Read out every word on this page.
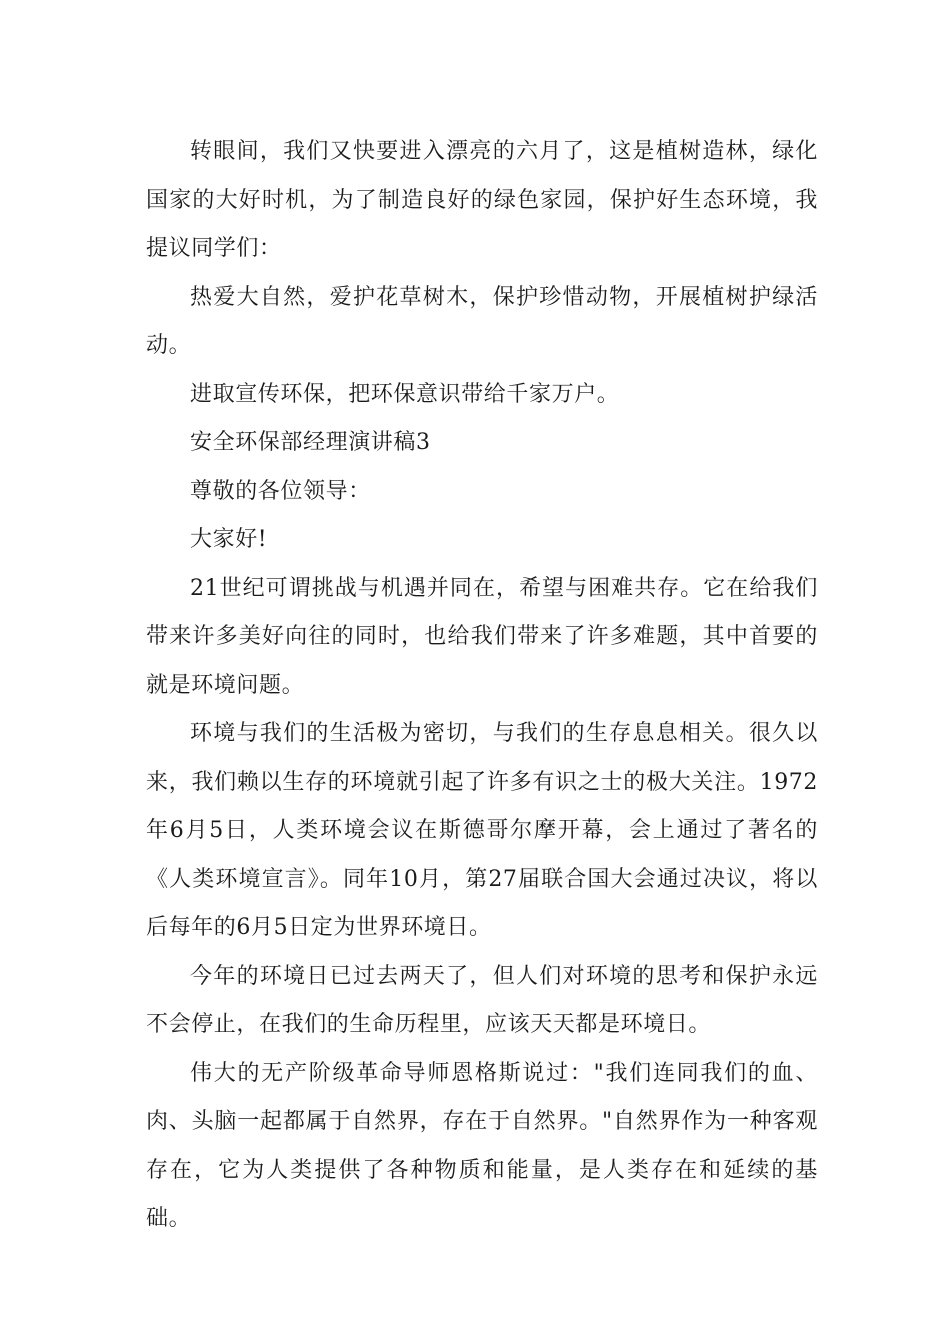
转眼间，我们又快要进入漂亮的六月了，这是植树造林，绿化国家的大好时机，为了制造良好的绿色家园，保护好生态环境，我提议同学们：

热爱大自然，爱护花草树木，保护珍惜动物，开展植树护绿活动。

进取宣传环保，把环保意识带给千家万户。

安全环保部经理演讲稿3

尊敬的各位领导：

大家好!

21世纪可谓挑战与机遇并同在，希望与困难共存。它在给我们带来许多美好向往的同时，也给我们带来了许多难题，其中首要的就是环境问题。

环境与我们的生活极为密切，与我们的生存息息相关。很久以来，我们赖以生存的环境就引起了许多有识之士的极大关注。1972年6月5日，人类环境会议在斯德哥尔摩开幕，会上通过了著名的《人类环境宣言》。同年10月，第27届联合国大会通过决议，将以后每年的6月5日定为世界环境日。

今年的环境日已过去两天了，但人们对环境的思考和保护永远不会停止，在我们的生命历程里，应该天天都是环境日。

伟大的无产阶级革命导师恩格斯说过："我们连同我们的血、肉、头脑一起都属于自然界，存在于自然界。"自然界作为一种客观存在，它为人类提供了各种物质和能量，是人类存在和延续的基础。
